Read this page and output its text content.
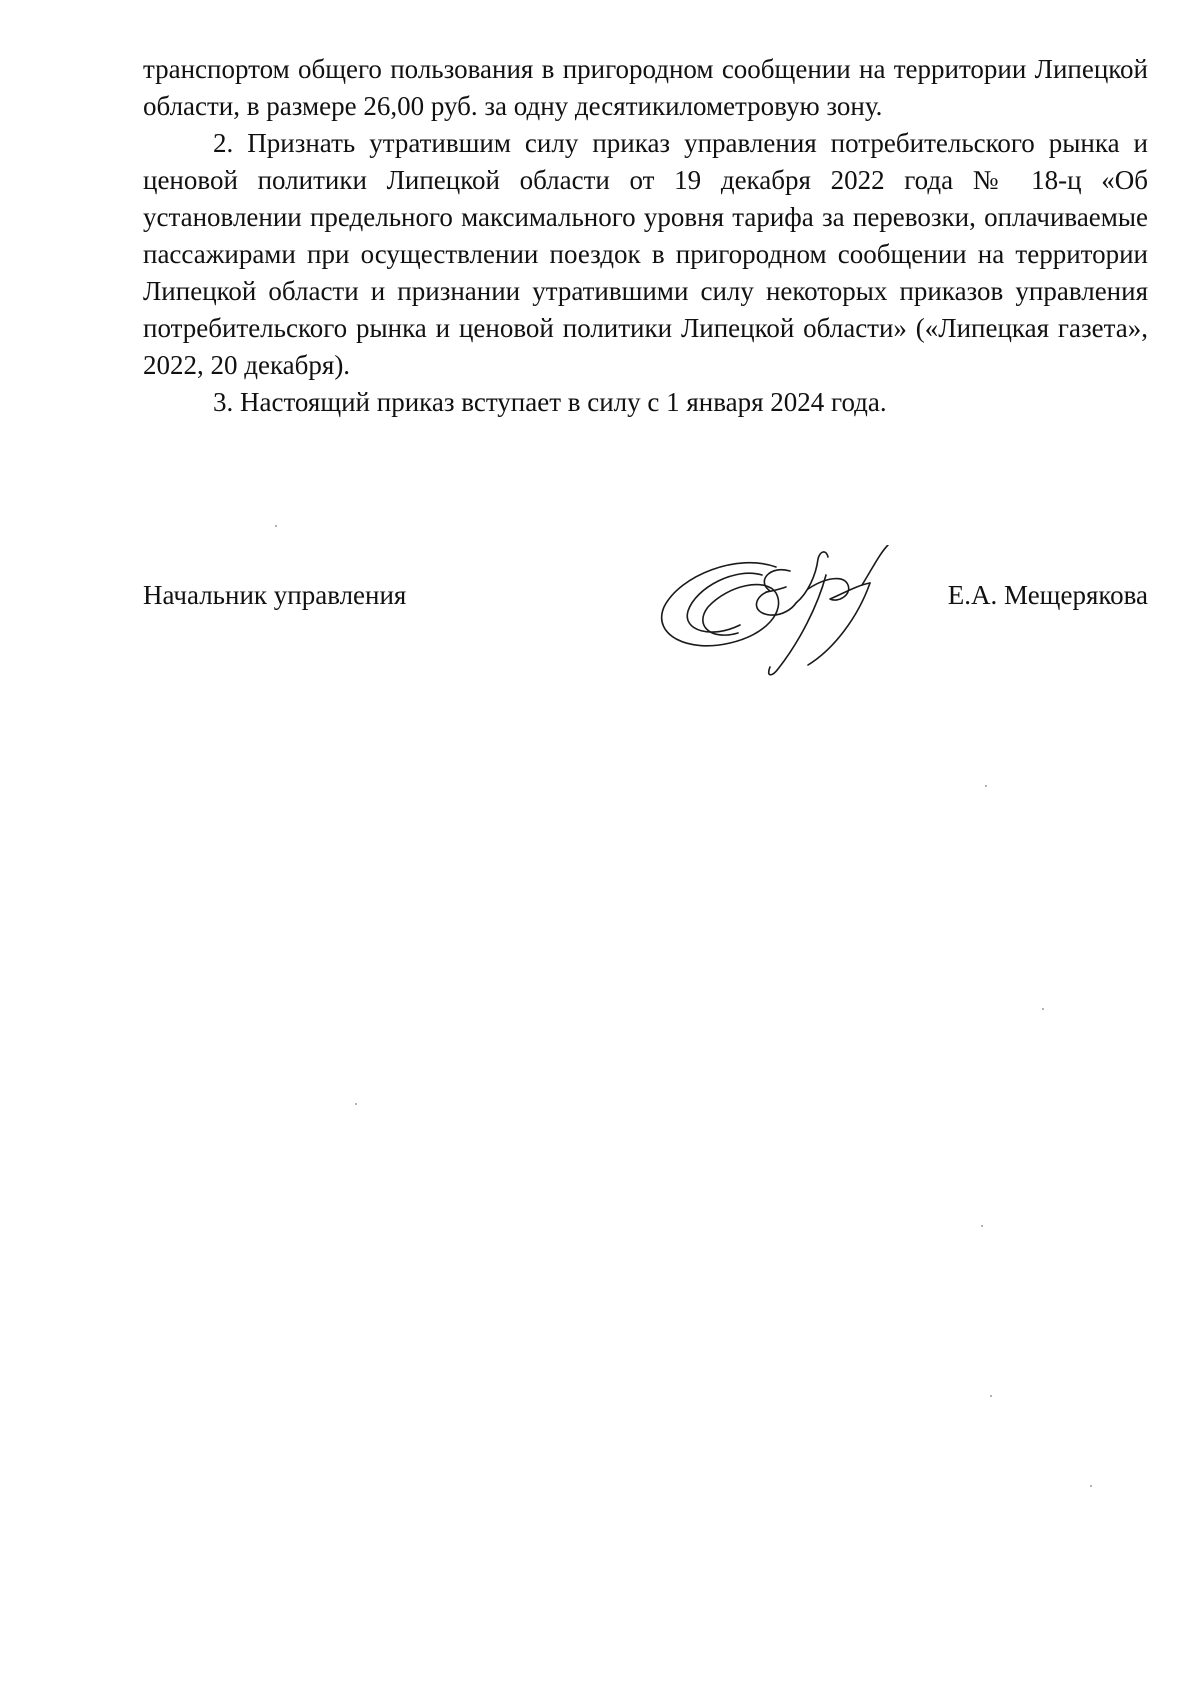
транспортом общего пользования в пригородном сообщении на территории Липецкой области, в размере 26,00 руб. за одну десятикилометровую зону.

2. Признать утратившим силу приказ управления потребительского рынка и ценовой политики Липецкой области от 19 декабря 2022 года № 18-ц «Об установлении предельного максимального уровня тарифа за перевозки, оплачиваемые пассажирами при осуществлении поездок в пригородном сообщении на территории Липецкой области и признании утратившими силу некоторых приказов управления потребительского рынка и ценовой политики Липецкой области» («Липецкая газета», 2022, 20 декабря).

3. Настоящий приказ вступает в силу с 1 января 2024 года.

Начальник управления	Е.А. Мещерякова
